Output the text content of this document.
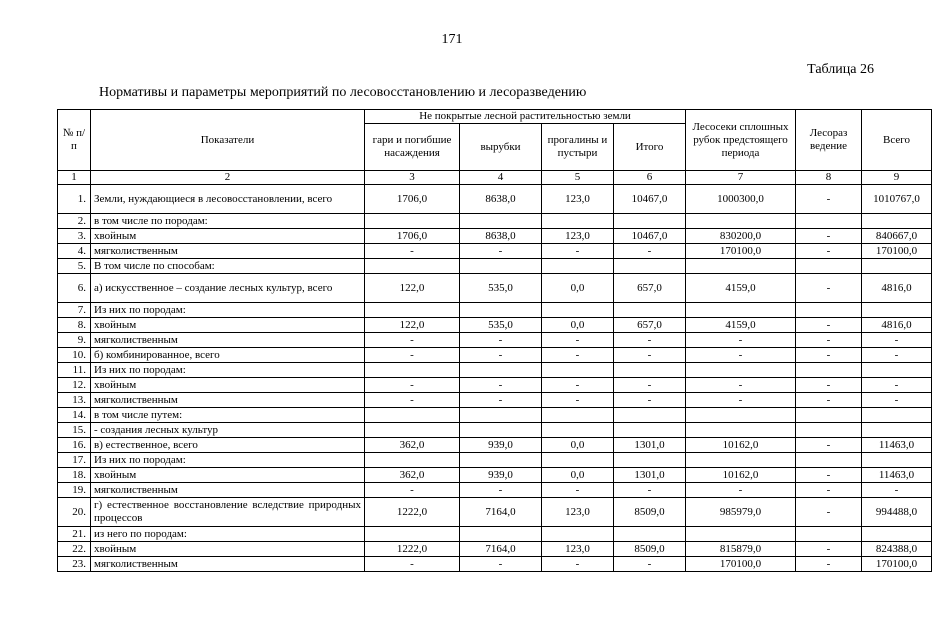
171
Таблица 26
Нормативы и параметры мероприятий по лесовосстановлению и лесоразведению
№ п/п	Показатели	Не покрытые лесной растительностью земли				Лесосеки сплошных рубок предстоящего периода	Лесораз ведение	Всего
		гари и погибшие насаждения	вырубки	прогалины и пустыри	Итого			
1	2	3	4	5	6	7	8	9
1.	Земли, нуждающиеся в лесовосстановлении, всего	1706,0	8638,0	123,0	10467,0	1000300,0	-	1010767,0
2.	в том числе по породам:							
3.	хвойным	1706,0	8638,0	123,0	10467,0	830200,0	-	840667,0
4.	мягколиственным	-	-	-	-	170100,0	-	170100,0
5.	В том числе по способам:							
6.	а) искусственное – создание лесных культур, всего	122,0	535,0	0,0	657,0	4159,0	-	4816,0
7.	Из них по породам:							
8.	хвойным	122,0	535,0	0,0	657,0	4159,0	-	4816,0
9.	мягколиственным	-	-	-	-	-	-	-
10.	б) комбинированное, всего	-	-	-	-	-	-	-
11.	Из них по породам:							
12.	хвойным	-	-	-	-	-	-	-
13.	мягколиственным	-	-	-	-	-	-	-
14.	в том числе путем:							
15.	- создания лесных культур							
16.	в) естественное, всего	362,0	939,0	0,0	1301,0	10162,0	-	11463,0
17.	Из них по породам:							
18.	хвойным	362,0	939,0	0,0	1301,0	10162,0	-	11463,0
19.	мягколиственным	-	-	-	-	-	-	-
20.	г) естественное восстановление вследствие природных процессов	1222,0	7164,0	123,0	8509,0	985979,0	-	994488,0
21.	из него по породам:							
22.	хвойным	1222,0	7164,0	123,0	8509,0	815879,0	-	824388,0
23.	мягколиственным	-	-	-	-	170100,0	-	170100,0
